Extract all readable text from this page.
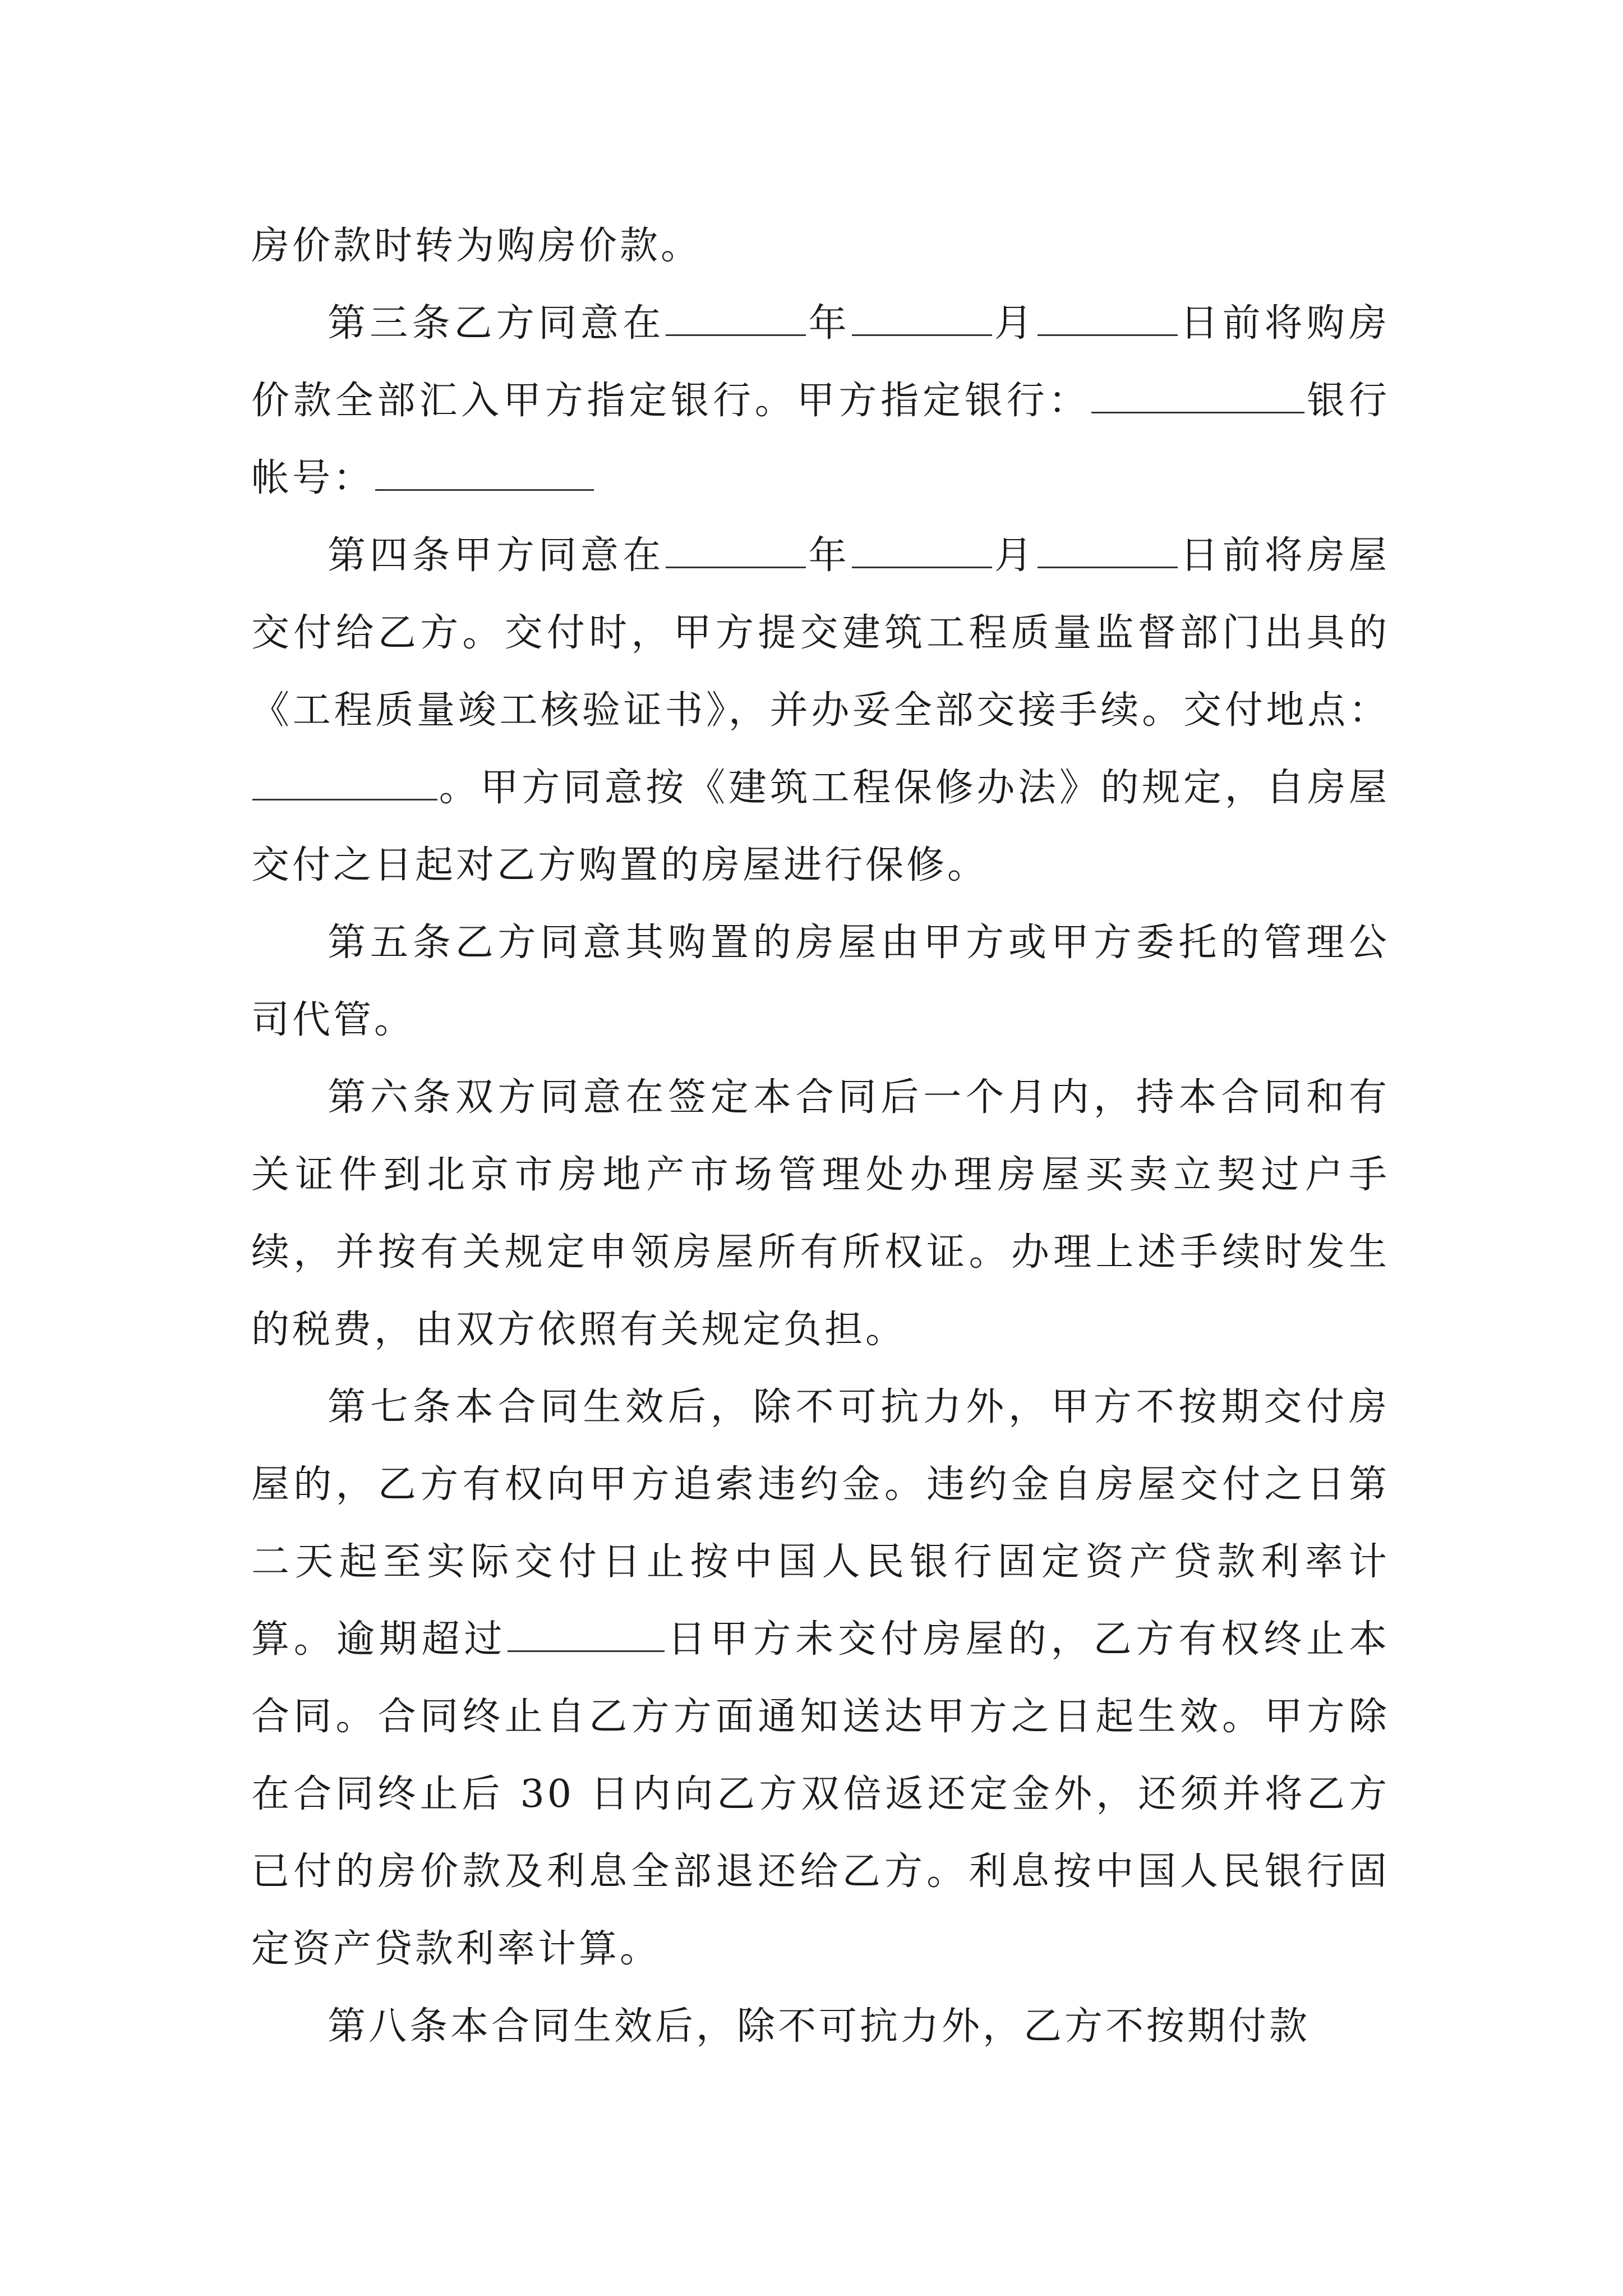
房价款时转为购房价款。

第三条乙方同意在	年	月	日前将购房价款全部汇入甲方指定银行。甲方指定银行：	银行帐号：

第四条甲方同意在	年	月	日前将房屋交付给乙方。交付时，甲方提交建筑工程质量监督部门出具的《工程质量竣工核验证书》，并办妥全部交接手续。交付地点：。甲方同意按《建筑工程保修办法》的规定，自房屋交付之日起对乙方购置的房屋进行保修。

第五条乙方同意其购置的房屋由甲方或甲方委托的管理公司代管。

第六条双方同意在签定本合同后一个月内，持本合同和有关证件到北京市房地产市场管理处办理房屋买卖立契过户手续，并按有关规定申领房屋所有所权证。办理上述手续时发生的税费，由双方依照有关规定负担。

第七条本合同生效后，除不可抗力外，甲方不按期交付房屋的，乙方有权向甲方追索违约金。违约金自房屋交付之日第二天起至实际交付日止按中国人民银行固定资产贷款利率计算。逾期超过	日甲方未交付房屋的，乙方有权终止本合同。合同终止自乙方方面通知送达甲方之日起生效。甲方除在合同终止后 30 日内向乙方双倍返还定金外，还须并将乙方已付的房价款及利息全部退还给乙方。利息按中国人民银行固定资产贷款利率计算。

第八条本合同生效后，除不可抗力外，乙方不按期付款
